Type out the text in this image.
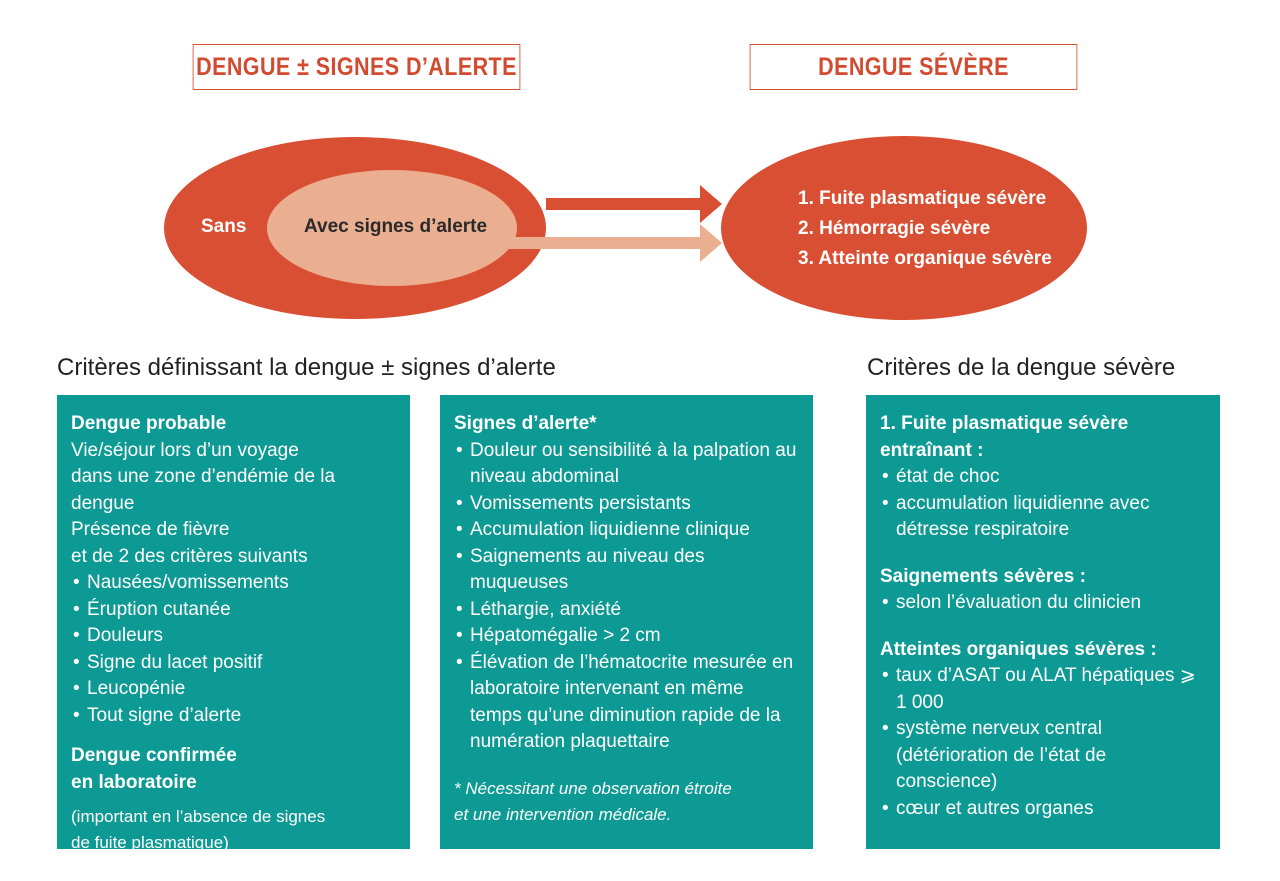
DENGUE ± SIGNES D’ALERTE	DENGUE SÉVÈRE
Sans	Avec signes d’alerte
1. Fuite plasmatique sévère
2. Hémorragie sévère
3. Atteinte organique sévère
Critères définissant la dengue ± signes d’alerte	Critères de la dengue sévère
Dengue probable
Vie/séjour lors d’un voyage
dans une zone d’endémie de la dengue
Présence de fièvre
et de 2 des critères suivants
• Nausées/vomissements
• Éruption cutanée
• Douleurs
• Signe du lacet positif
• Leucopénie
• Tout signe d’alerte
Dengue confirmée
en laboratoire
(important en l’absence de signes
de fuite plasmatique)
Signes d’alerte*
• Douleur ou sensibilité à la palpation au niveau abdominal
• Vomissements persistants
• Accumulation liquidienne clinique
• Saignements au niveau des muqueuses
• Léthargie, anxiété
• Hépatomégalie > 2 cm
• Élévation de l’hématocrite mesurée en laboratoire intervenant en même temps qu’une diminution rapide de la numération plaquettaire
* Nécessitant une observation étroite
et une intervention médicale.
1. Fuite plasmatique sévère
entraînant :
• état de choc
• accumulation liquidienne avec détresse respiratoire
Saignements sévères :
• selon l’évaluation du clinicien
Atteintes organiques sévères :
• taux d’ASAT ou ALAT hépatiques ⩾ 1 000
• système nerveux central (détérioration de l’état de conscience)
• cœur et autres organes
